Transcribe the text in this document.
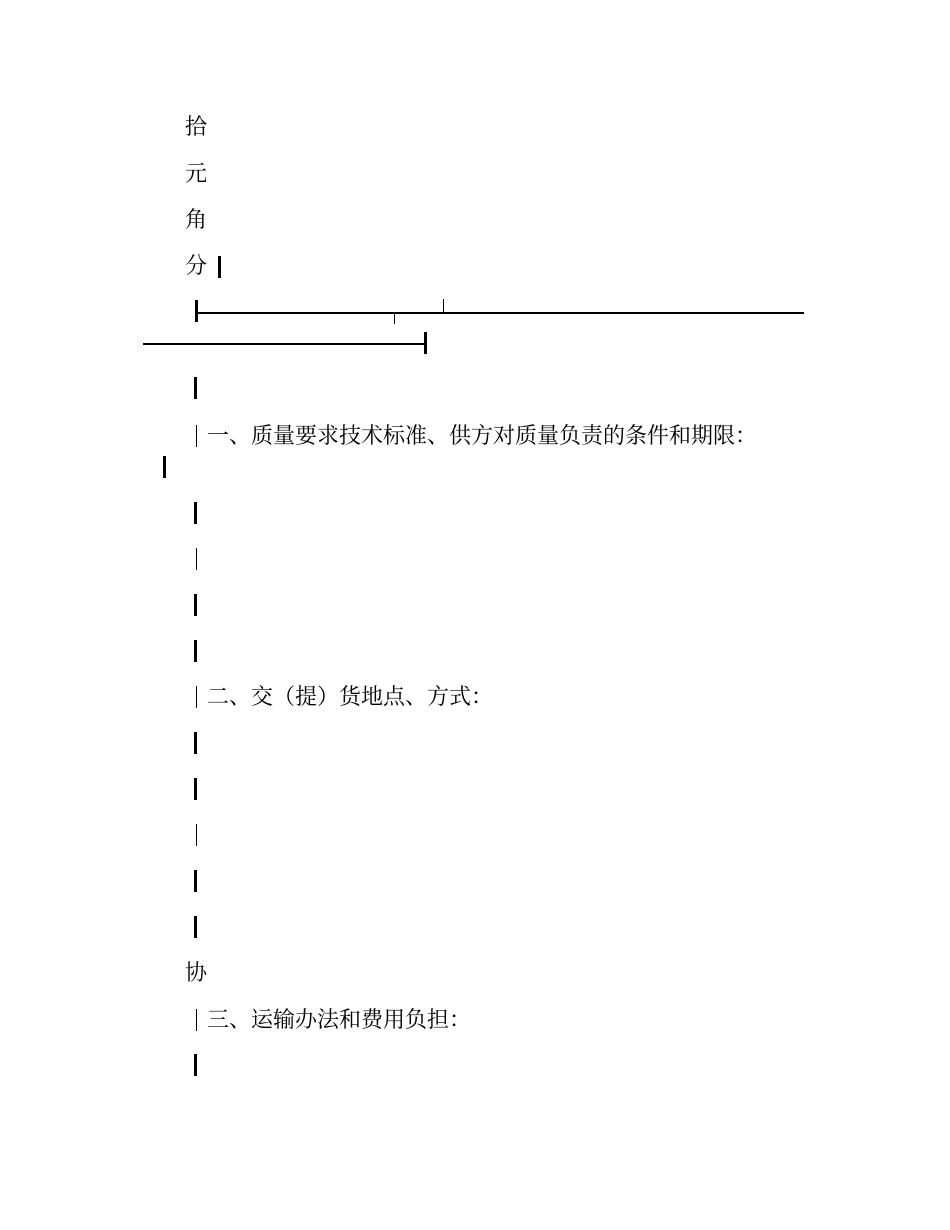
拾
元
角
分
一、质量要求技术标准、供方对质量负责的条件和期限：
二、交（提）货地点、方式：
协
三、运输办法和费用负担：
